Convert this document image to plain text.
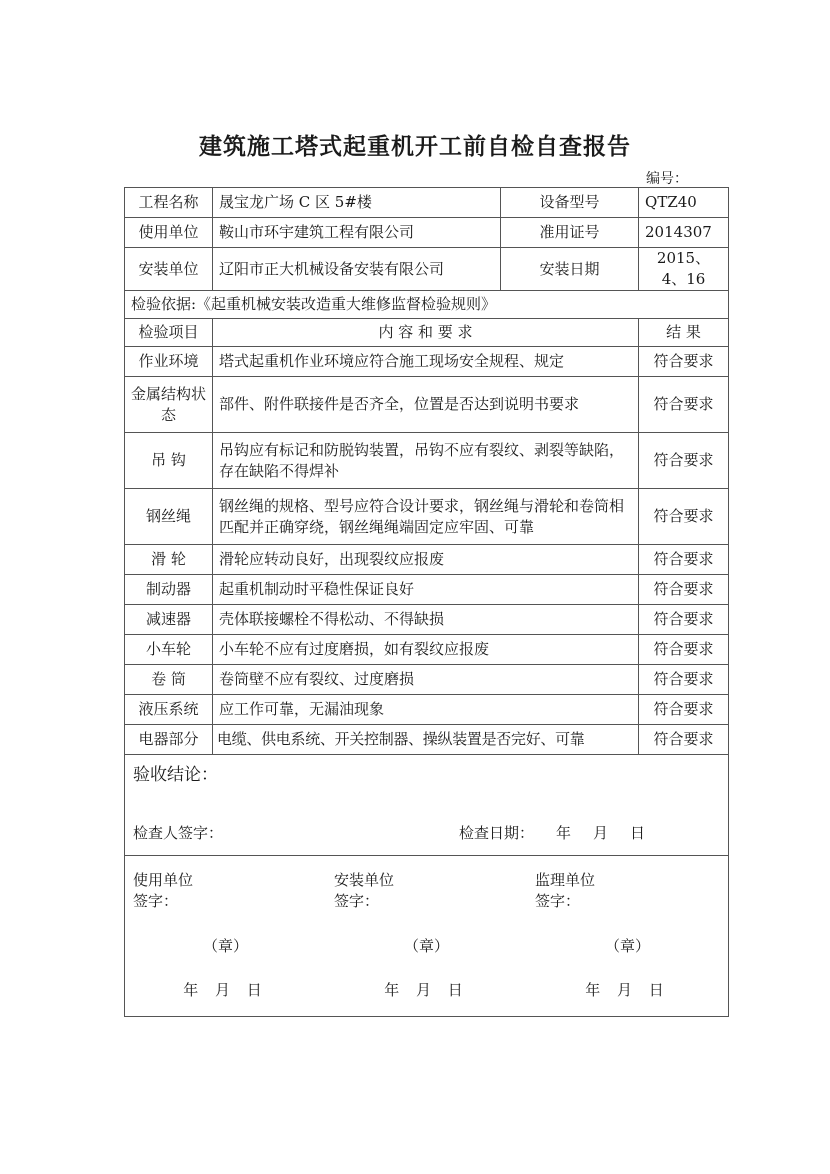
建筑施工塔式起重机开工前自检自查报告
编号：
工程名称	晟宝龙广场 C 区 5#楼	设备型号	QTZ40
使用单位	鞍山市环宇建筑工程有限公司	准用证号	2014307
安装单位	辽阳市正大机械设备安装有限公司	安装日期	2015、4、16
检验依据:《起重机械安装改造重大维修监督检验规则》
检验项目	内 容 和 要 求	结 果
作业环境	塔式起重机作业环境应符合施工现场安全规程、规定	符合要求
金属结构状态	部件、附件联接件是否齐全，位置是否达到说明书要求	符合要求
吊 钩	吊钩应有标记和防脱钩装置，吊钩不应有裂纹、剥裂等缺陷，存在缺陷不得焊补	符合要求
钢丝绳	钢丝绳的规格、型号应符合设计要求，钢丝绳与滑轮和卷筒相匹配并正确穿绕，钢丝绳绳端固定应牢固、可靠	符合要求
滑 轮	滑轮应转动良好，出现裂纹应报废	符合要求
制动器	起重机制动时平稳性保证良好	符合要求
减速器	壳体联接螺栓不得松动、不得缺损	符合要求
小车轮	小车轮不应有过度磨损，如有裂纹应报废	符合要求
卷 筒	卷筒壁不应有裂纹、过度磨损	符合要求
液压系统	应工作可靠，无漏油现象	符合要求
电器部分	电缆、供电系统、开关控制器、操纵装置是否完好、可靠	符合要求

验收结论：
检查人签字：	检查日期： 年 月 日

使用单位
签字：
（章）
年 月 日

安装单位
签字：
（章）
年 月 日

监理单位
签字：
（章）
年 月 日
